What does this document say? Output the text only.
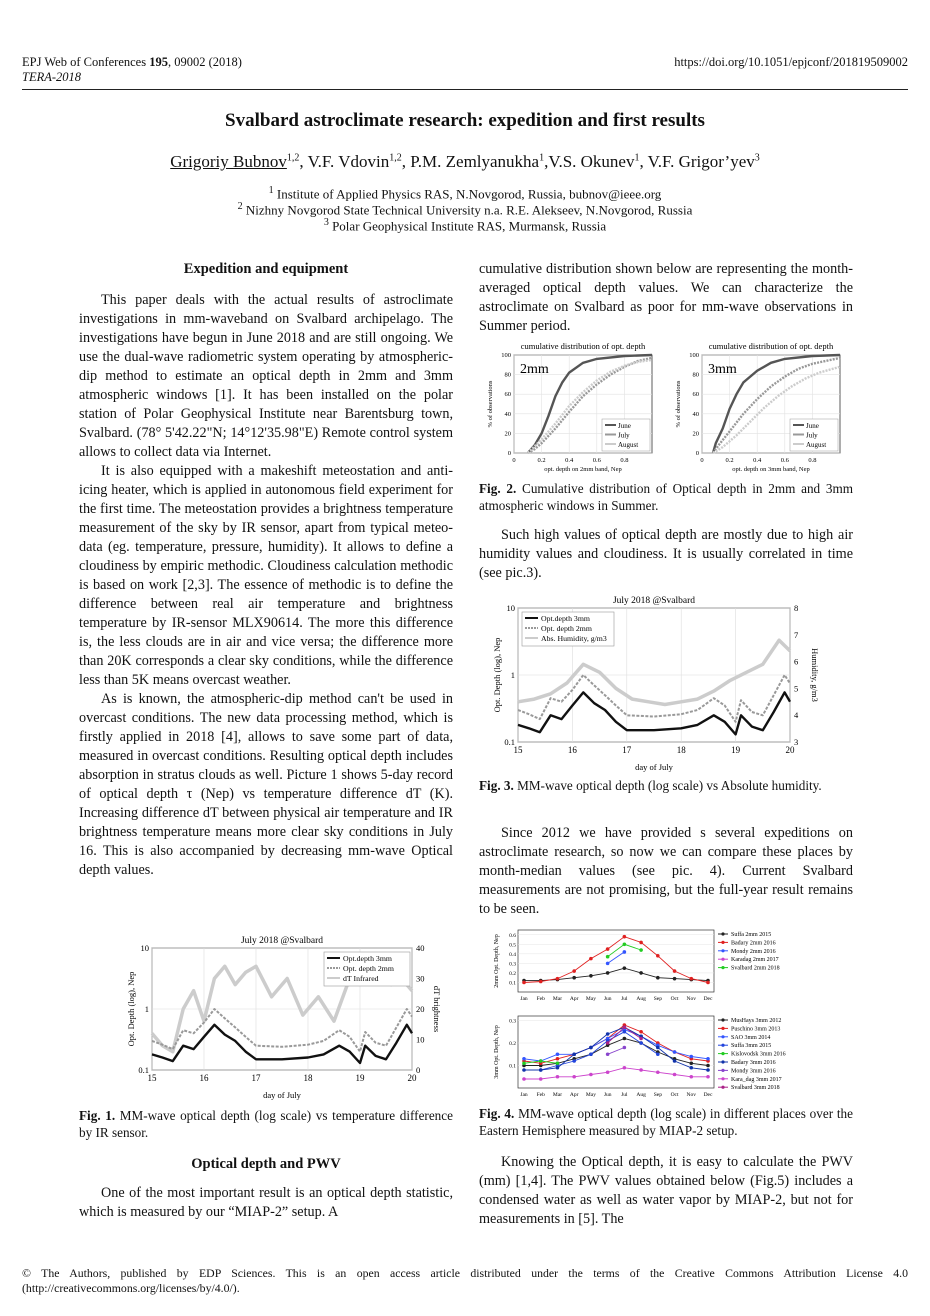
EPJ Web of Conferences 195, 09002 (2018)
TERA-2018
https://doi.org/10.1051/epjconf/201819509002
Svalbard astroclimate research: expedition and first results
Grigoriy Bubnov$^{1,2}$, V.F. Vdovin$^{1,2}$, P.M. Zemlyanukha$^1$,V.S. Okunev$^1$, V.F. Grigor’yev$^3$
$^1$ Institute of Applied Physics RAS, N.Novgorod, Russia, bubnov@ieee.org
$^2$ Nizhny Novgorod State Technical University n.a. R.E. Alekseev, N.Novgorod, Russia
$^3$ Polar Geophysical Institute RAS, Murmansk, Russia

Expedition and equipment

This paper deals with the actual results of astroclimate investigations in mm-waveband on Svalbard archipelago. The investigations have begun in June 2018 and are still ongoing. We use the dual-wave radiometric system operating by atmospheric-dip method to estimate an optical depth in 2mm and 3mm atmospheric windows [1]. It has been installed on the polar station of Polar Geophysical Institute near Barentsburg town, Svalbard. (78° 5'42.22"N; 14°12'35.98"E) Remote control system allows to collect data via Internet.

It is also equipped with a makeshift meteostation and anti-icing heater, which is applied in autonomous field experiment for the first time. The meteostation provides a brightness temperature measurement of the sky by IR sensor, apart from typical meteo-data (eg. temperature, pressure, humidity). It allows to define a cloudiness by empiric methodic. Cloudiness calculation methodic is based on work [2,3]. The essence of methodic is to define the difference between real air temperature and brightness temperature by IR-sensor MLX90614. The more this difference is, the less clouds are in air and vice versa; the difference more than 20K corresponds a clear sky conditions, while the difference less than 5K means overcast weather.

As is known, the atmospheric-dip method can't be used in overcast conditions. The new data processing method, which is firstly applied in 2018 [4], allows to save some part of data, measured in overcast conditions. Resulting optical depth includes absorption in stratus clouds as well. Picture 1 shows 5-day record of optical depth τ (Nep) vs temperature difference dT (K). Increasing difference dT between physical air temperature and IR brightness temperature means more clear sky conditions in July 16. This is also accompanied by decreasing mm-wave Optical depth values.

July 2018 @Svalbard
15	16	17	18	19	20
0.1
1
10
0
10
20
30
40
day of July
Opt. Depth (log), Nep	dT brightness
Opt.depth 3mm
Opt. depth 2mm
dT Infrared
Fig. 1. MM-wave optical depth (log scale) vs temperature difference by IR sensor.

Optical depth and PWV

One of the most important result is an optical depth statistic, which is measured by our “MIAP-2” setup. A

cumulative distribution shown below are representing the month-averaged optical depth values. We can characterize the astroclimate on Svalbard as poor for mm-wave observations in Summer period.

cumulative distribution of opt. depth
0	0.2	0.4	0.6	0.8
0
20
40
60
80
100
2mm
June
July
August
opt. depth on 2mm band, Nep
% of observations
cumulative distribution of opt. depth
0	0.2	0.4	0.6	0.8
0
20
40
60
80
100
3mm
June
July
August
opt. depth on 3mm band, Nep
% of observations
Fig. 2. Cumulative distribution of Optical depth in 2mm and 3mm atmospheric windows in Summer.

Such high values of optical depth are mostly due to high air humidity values and cloudiness. It is usually correlated in time (see pic.3).

July 2018 @Svalbard
15	16	17	18	19	20
0.1
1
10
3
4
5
6
7
8
day of July
Opt. Depth (log), Nep	Humidity, g/m3
Opt.depth 3mm
Opt. depth 2mm
Abs. Humidity, g/m3
Fig. 3. MM-wave optical depth (log scale) vs Absolute humidity.

Since 2012 we have provided s several expeditions on astroclimate research, so now we can compare these places by month-median values (see pic. 4). Current Svalbard measurements are not promising, but the full-year result remains to be seen.

0.1
0.2
0.3
0.4
0.5
0.6
Jan Feb Mar Apr May Jun Jul Aug Sep Oct Nov Dec
2mm Opt. Depth, Nep	Suffa 2mm 2015
Badary 2mm 2016
Mondy 2mm 2016
Karadag 2mm 2017
Svalbard 2mm 2018
0.1
0.2
0.3
Jan Feb Mar Apr May Jun Jul Aug Sep Oct Nov Dec
3mm Opt. Depth, Nep
MusHays 3mm 2012
Puschino 3mm 2013
SAO 3mm 2014
Suffa 3mm 2015
Kislovodsk 3mm 2016
Badary 3mm 2016
Mondy 3mm 2016
Kara_dag 3mm 2017
Svalbard 3mm 2018
Fig. 4. MM-wave optical depth (log scale) in different places over the Eastern Hemisphere measured by MIAP-2 setup.

Knowing the Optical depth, it is easy to calculate the PWV (mm) [1,4]. The PWV values obtained below (Fig.5) includes a condensed water as well as water vapor by MIAP-2, but not for measurements in [5]. The

© The Authors, published by EDP Sciences. This is an open access article distributed under the terms of the Creative Commons Attribution License 4.0 (http://creativecommons.org/licenses/by/4.0/).
